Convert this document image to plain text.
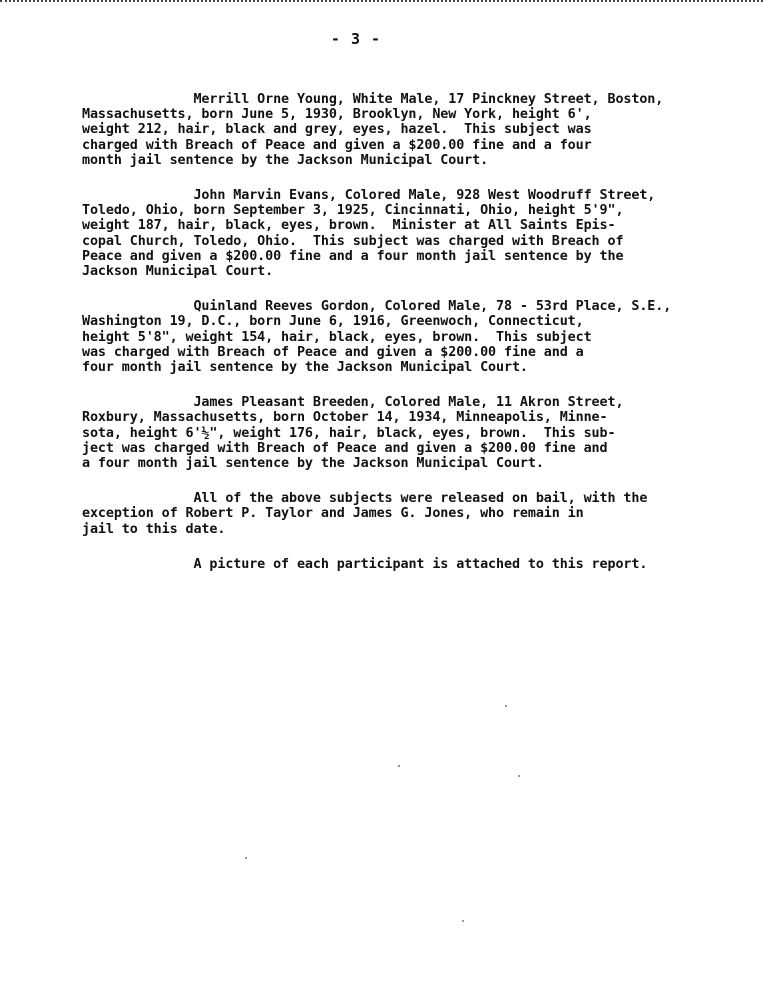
- 3 -

Merrill Orne Young, White Male, 17 Pinckney Street, Boston,
Massachusetts, born June 5, 1930, Brooklyn, New York, height 6',
weight 212, hair, black and grey, eyes, hazel.  This subject was
charged with Breach of Peace and given a $200.00 fine and a four
month jail sentence by the Jackson Municipal Court.

John Marvin Evans, Colored Male, 928 West Woodruff Street,
Toledo, Ohio, born September 3, 1925, Cincinnati, Ohio, height 5'9",
weight 187, hair, black, eyes, brown.  Minister at All Saints Epis-
copal Church, Toledo, Ohio.  This subject was charged with Breach of
Peace and given a $200.00 fine and a four month jail sentence by the
Jackson Municipal Court.

Quinland Reeves Gordon, Colored Male, 78 - 53rd Place, S.E.,
Washington 19, D.C., born June 6, 1916, Greenwoch, Connecticut,
height 5'8", weight 154, hair, black, eyes, brown.  This subject
was charged with Breach of Peace and given a $200.00 fine and a
four month jail sentence by the Jackson Municipal Court.

James Pleasant Breeden, Colored Male, 11 Akron Street,
Roxbury, Massachusetts, born October 14, 1934, Minneapolis, Minne-
sota, height 6'½", weight 176, hair, black, eyes, brown.  This sub-
ject was charged with Breach of Peace and given a $200.00 fine and
a four month jail sentence by the Jackson Municipal Court.

All of the above subjects were released on bail, with the
exception of Robert P. Taylor and James G. Jones, who remain in
jail to this date.

A picture of each participant is attached to this report.
